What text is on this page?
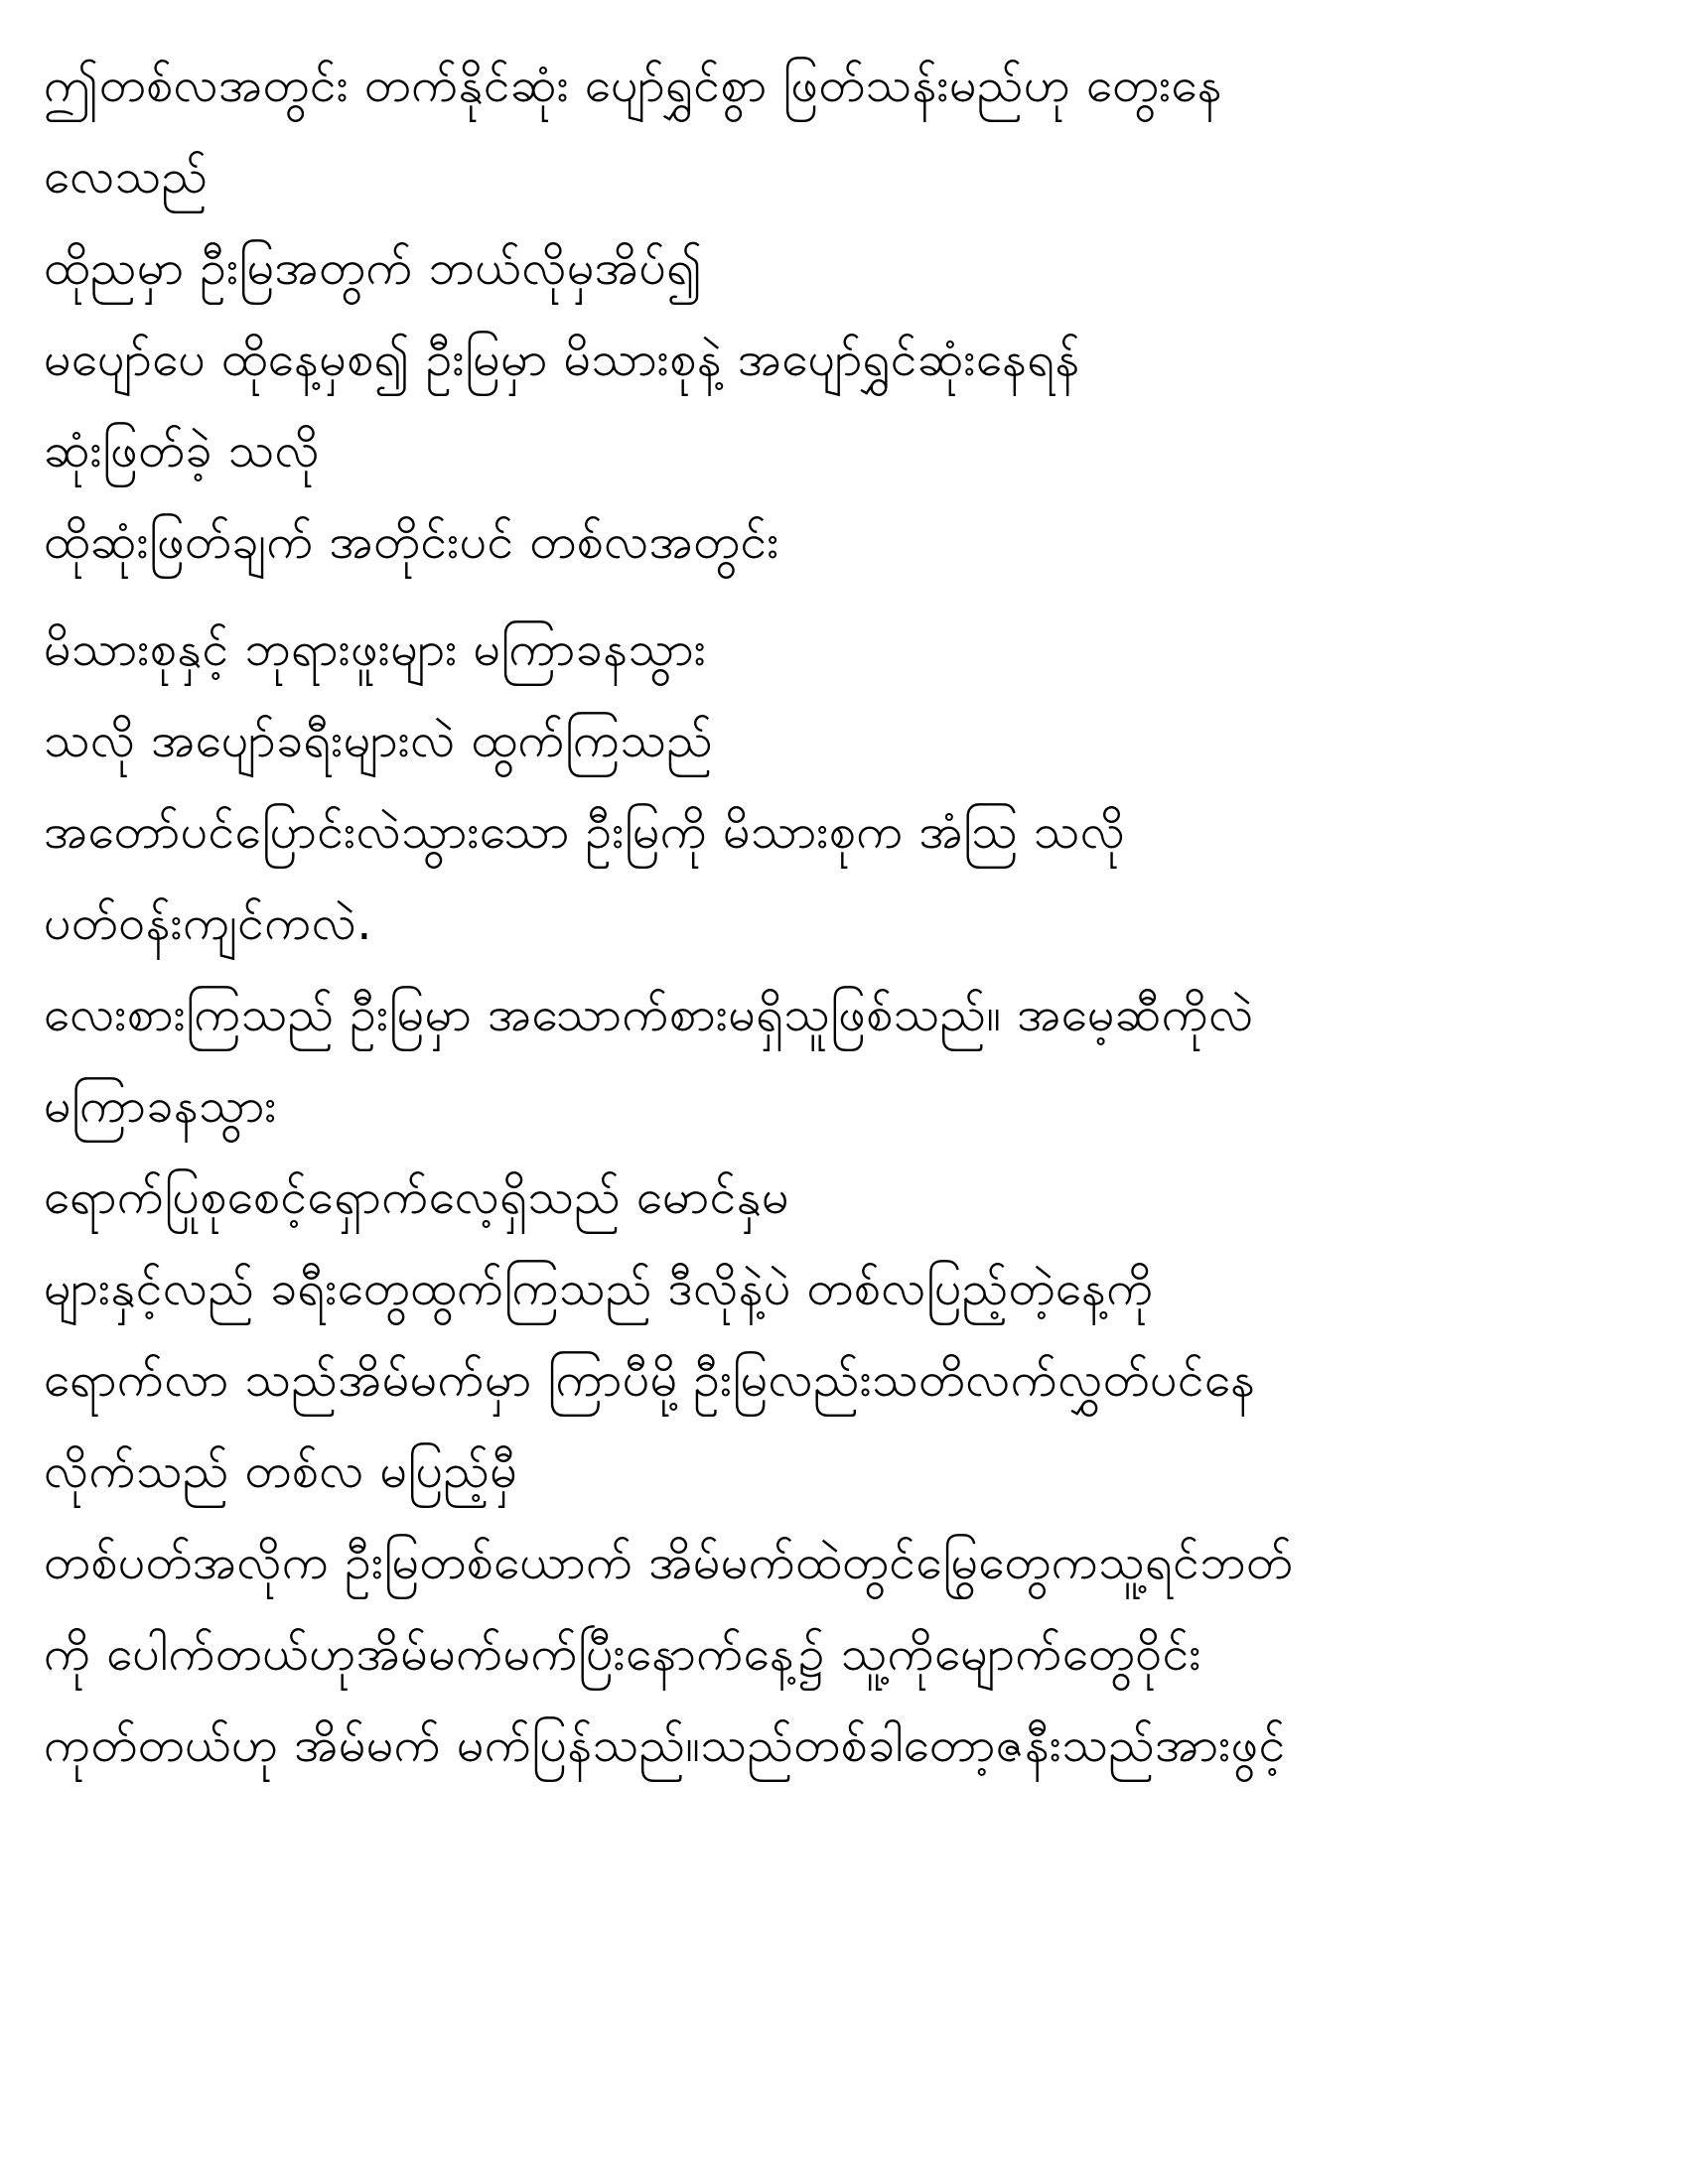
ဤတစ်လအတွင်း တက်နိုင်ဆုံး ပျော်ရွှင်စွာ ဖြတ်သန်းမည်ဟု တွေးနေ
လေသည်
ထိုညမှာ ဦးမြအတွက် ဘယ်လိုမှအိပ်၍
မပျော်ပေ ထိုနေ့မှစ၍ ဦးမြမှာ မိသားစုနဲ့ အပျော်ရွှင်ဆုံးနေရန်
ဆုံးဖြတ်ခဲ့ သလို
ထိုဆုံးဖြတ်ချက် အတိုင်းပင် တစ်လအတွင်း
မိသားစုနှင့် ဘုရားဖူးများ မကြာခနသွား
သလို အပျော်ခရီးများလဲ ထွက်ကြသည်
အတော်ပင်ပြောင်းလဲသွားသော ဦးမြကို မိသားစုက အံဩ သလို
ပတ်ဝန်းကျင်ကလဲ.
လေးစားကြသည် ဦးမြမှာ အသောက်စားမရှိသူဖြစ်သည်။ အမေ့ဆီကိုလဲ
မကြာခနသွား
ရောက်ပြုစုစေင့်ရှောက်လေ့ရှိသည် မောင်နှမ
များနှင့်လည် ခရီးတွေထွက်ကြသည် ဒီလိုနဲ့ပဲ တစ်လပြည့်တဲ့နေ့ကို
ရောက်လာ သည်အိမ်မက်မှာ ကြာပီမို့ ဦးမြလည်းသတိလက်လွှတ်ပင်နေ
လိုက်သည် တစ်လ မပြည့်မှီ
တစ်ပတ်အလိုက ဦးမြတစ်ယောက် အိမ်မက်ထဲတွင်မြွေတွေကသူ့ရင်ဘတ်
ကို ပေါက်တယ်ဟုအိမ်မက်မက်ပြီးနောက်နေ့၌ သူ့ကိုမျောက်တွေဝိုင်း
ကုတ်တယ်ဟု အိမ်မက် မက်ပြန်သည်။သည်တစ်ခါတော့ဇနီးသည်အားဖွင့်
